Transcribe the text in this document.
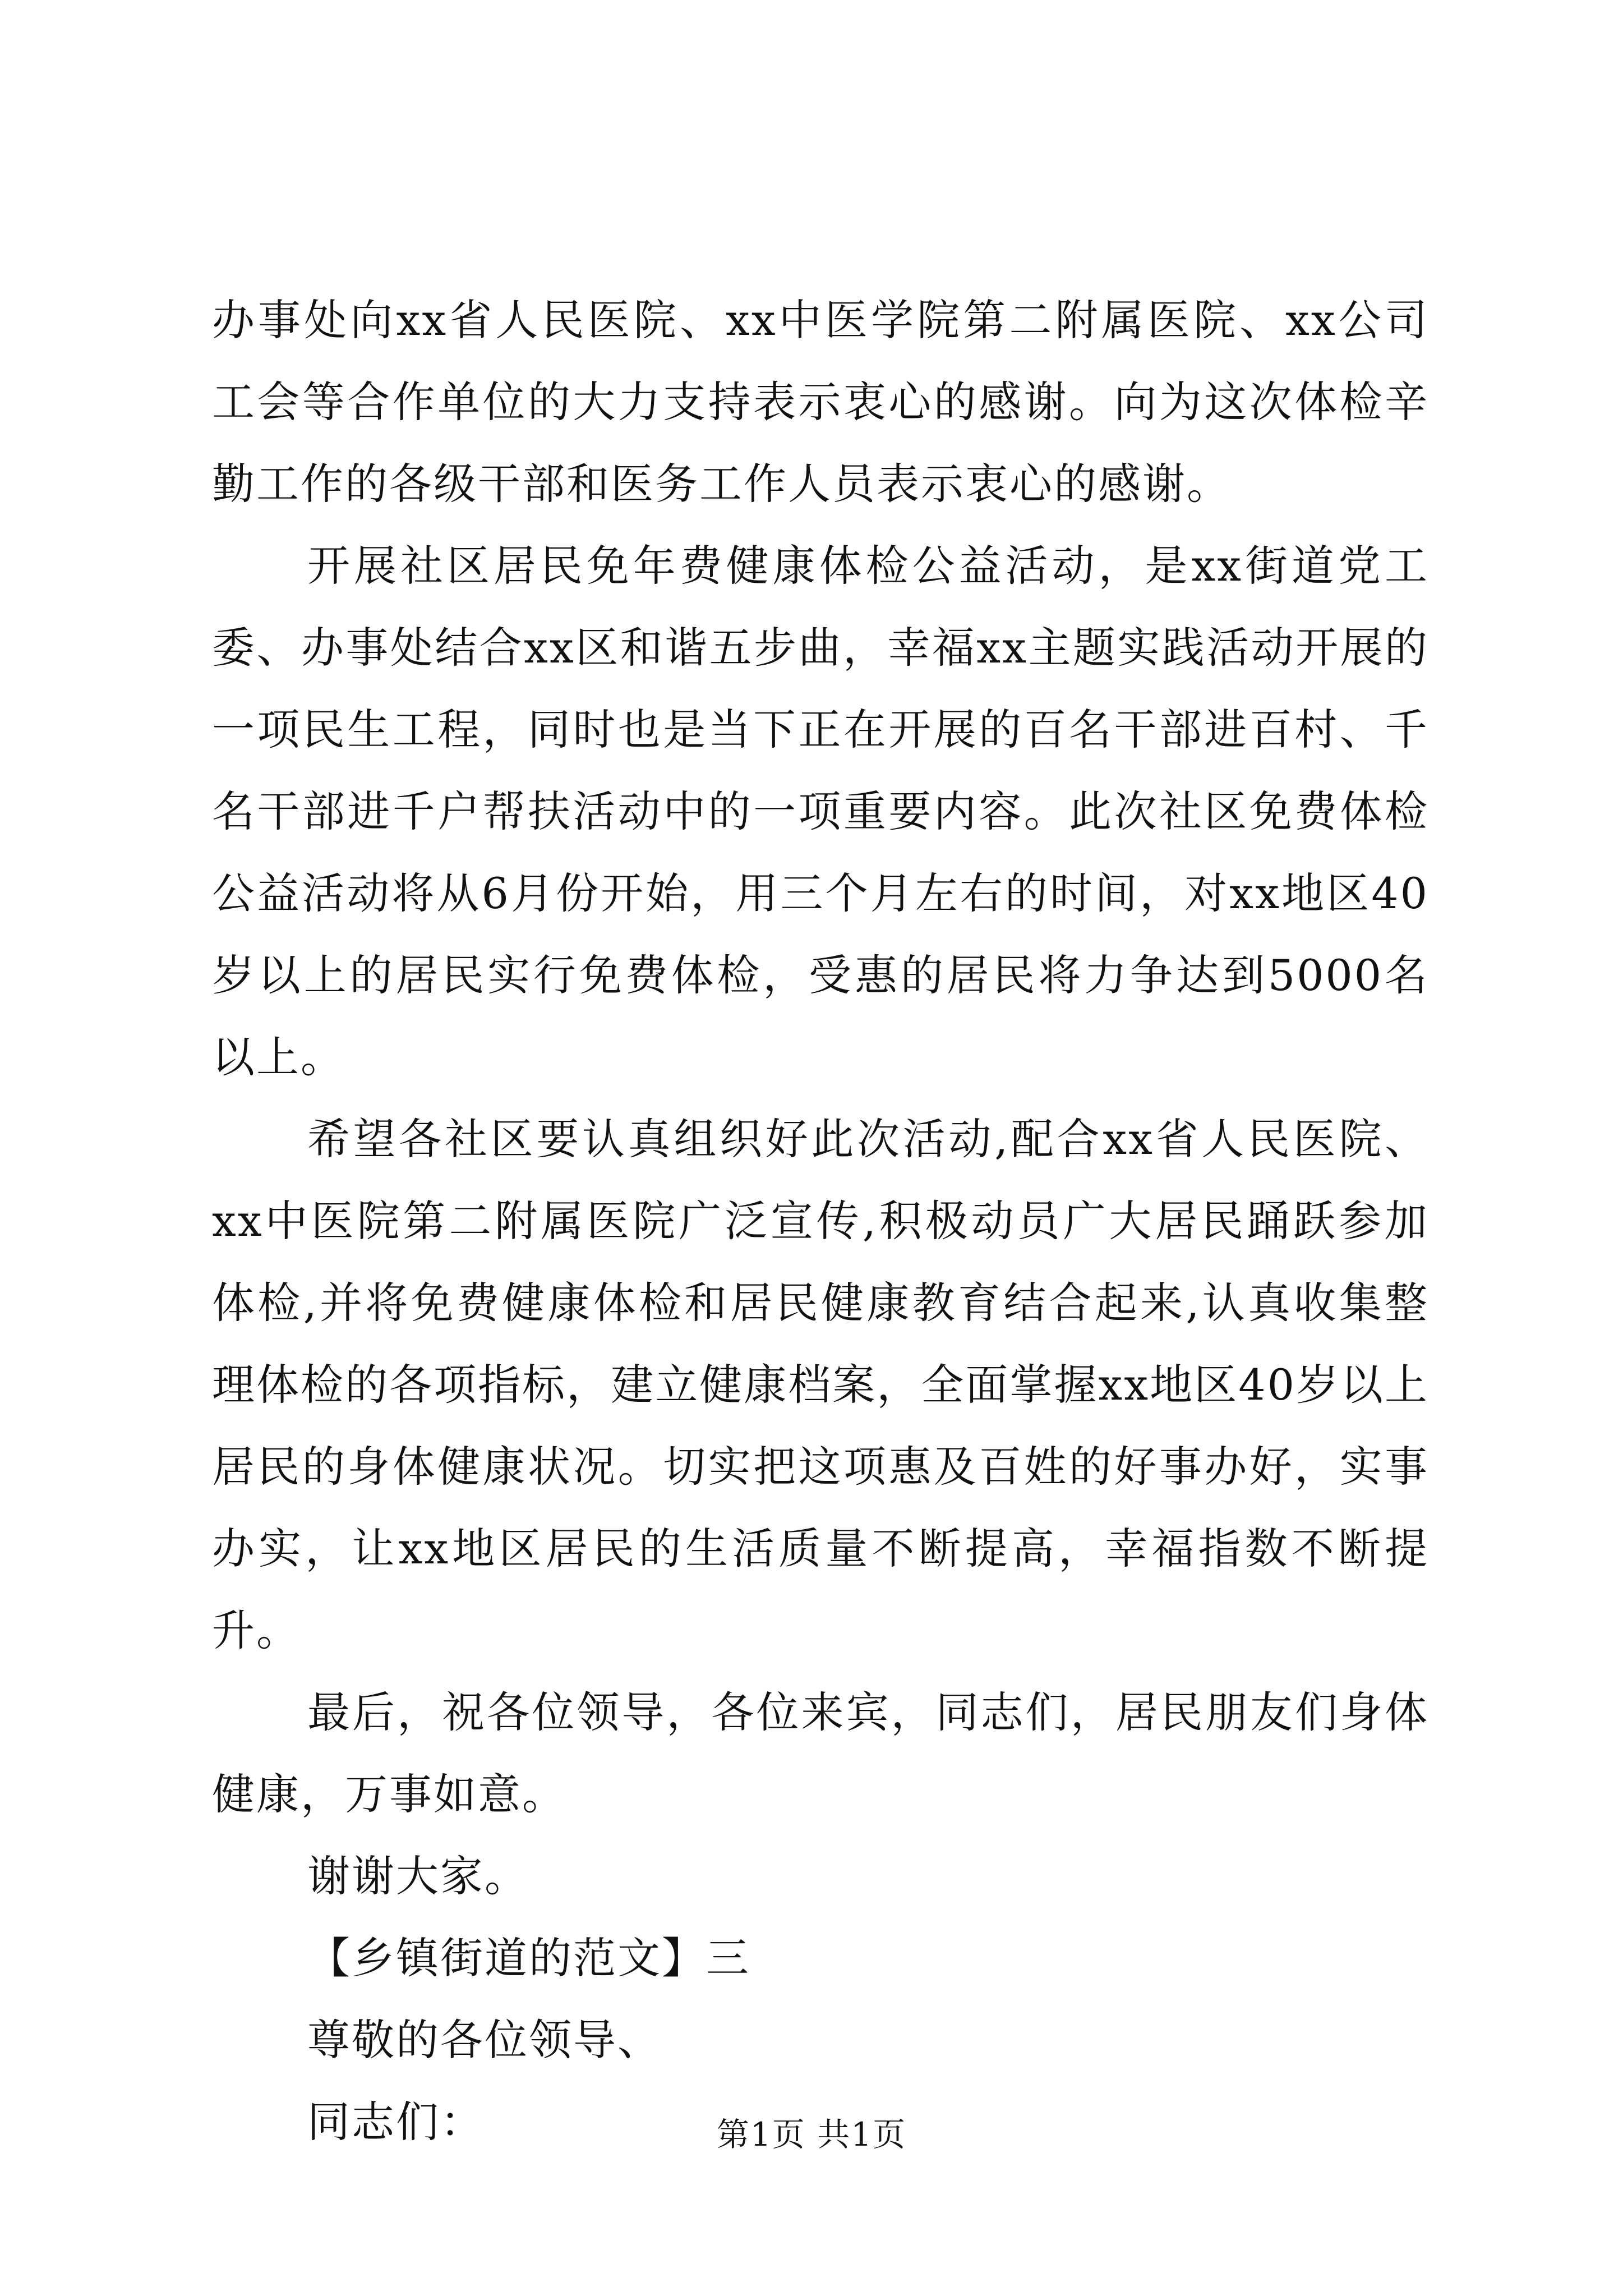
办事处向xx省人民医院、xx中医学院第二附属医院、xx公司工会等合作单位的大力支持表示衷心的感谢。向为这次体检辛勤工作的各级干部和医务工作人员表示衷心的感谢。

开展社区居民免年费健康体检公益活动，是xx街道党工委、办事处结合xx区和谐五步曲，幸福xx主题实践活动开展的一项民生工程，同时也是当下正在开展的百名干部进百村、千名干部进千户帮扶活动中的一项重要内容。此次社区免费体检公益活动将从6月份开始，用三个月左右的时间，对xx地区40岁以上的居民实行免费体检，受惠的居民将力争达到5000名以上。

希望各社区要认真组织好此次活动,配合xx省人民医院、xx中医院第二附属医院广泛宣传,积极动员广大居民踊跃参加体检,并将免费健康体检和居民健康教育结合起来,认真收集整理体检的各项指标，建立健康档案，全面掌握xx地区40岁以上居民的身体健康状况。切实把这项惠及百姓的好事办好，实事办实，让xx地区居民的生活质量不断提高，幸福指数不断提升。

最后，祝各位领导，各位来宾，同志们，居民朋友们身体健康，万事如意。

谢谢大家。

【乡镇街道的范文】三

尊敬的各位领导、

同志们：	第1页 共1页
